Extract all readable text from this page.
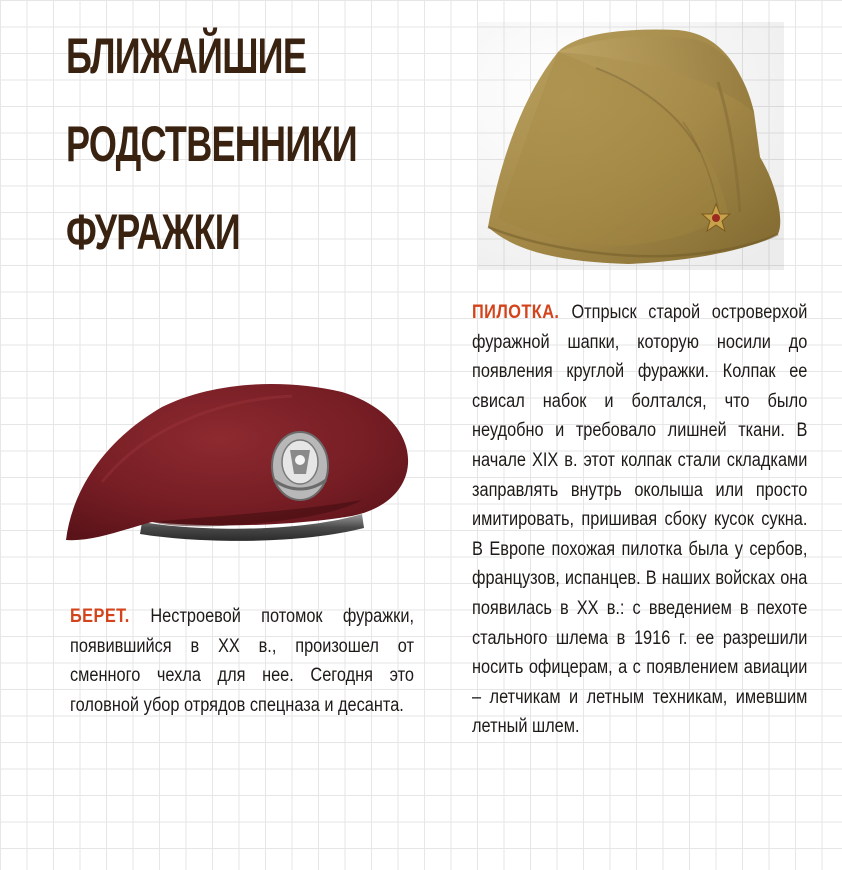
БЛИЖАЙШИЕ
РОДСТВЕННИКИ
ФУРАЖКИ
ПИЛОТКА. Отпрыск старой островерхой фуражной шапки, которую носили до появления круглой фуражки. Колпак ее свисал набок и болтался, что было неудобно и требовало лишней ткани. В начале XIX в. этот колпак стали складками заправлять внутрь околыша или просто имитировать, пришивая сбоку кусок сукна. В Европе похожая пилотка была у сербов, французов, испанцев. В наших войсках она появилась в XX в.: с введением в пехоте стального шлема в 1916 г. ее разрешили носить офицерам, а с появлением авиации – летчикам и летным техникам, имевшим летный шлем.
БЕРЕТ. Нестроевой потомок фуражки, появившийся в XX в., произошел от сменного чехла для нее. Сегодня это головной убор отрядов спецназа и десанта.
